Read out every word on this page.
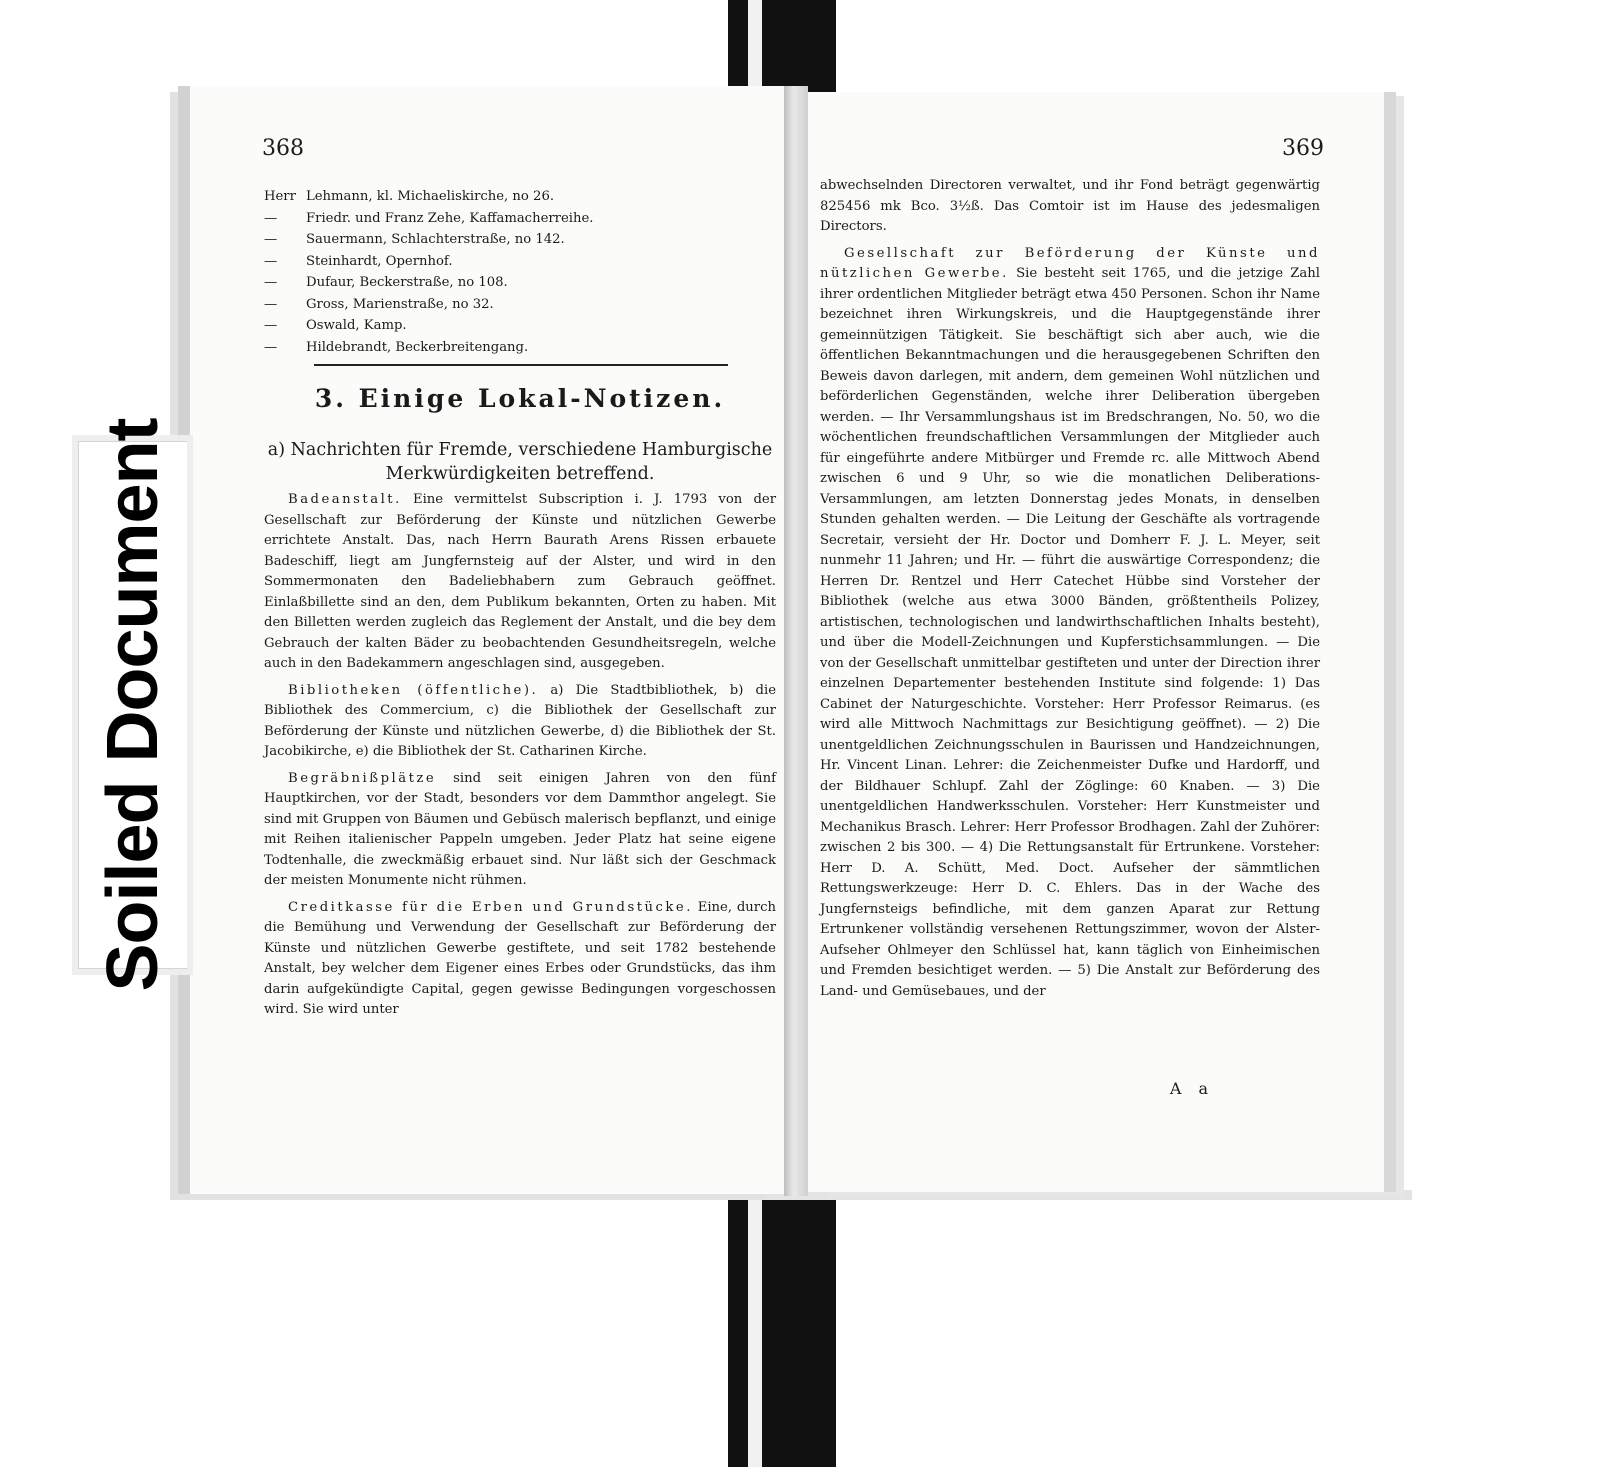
368
Herr Lehmann, kl. Michaeliskirche, no 26.
—	Friedr. und Franz Zehe, Kaffamacherreihe.
—	Sauermann, Schlachterstraße, no 142.
—	Steinhardt, Opernhof.
—	Dufaur, Beckerstraße, no 108.
—	Gross, Marienstraße, no 32.
—	Oswald, Kamp.
—	Hildebrandt, Beckerbreitengang.
3. Einige Lokal-Notizen.
a) Nachrichten für Fremde, verschiedene Hamburgische Merkwürdigkeiten betreffend.

Badeanstalt. Eine vermittelst Subscription i. J. 1793 von der Gesellschaft zur Beförderung der Künste und nützlichen Gewerbe errichtete Anstalt. Das, nach Herrn Baurath Arens Rissen erbauete Badeschiff, liegt am Jungfernsteig auf der Alster, und wird in den Sommermonaten den Badeliebhabern zum Gebrauch geöffnet. Einlaßbillette sind an den, dem Publikum bekannten, Orten zu haben. Mit den Billetten werden zugleich das Reglement der Anstalt, und die bey dem Gebrauch der kalten Bäder zu beobachtenden Gesundheitsregeln, welche auch in den Badekammern angeschlagen sind, ausgegeben.

Bibliotheken (öffentliche). a) Die Stadtbibliothek, b) die Bibliothek des Commercium, c) die Bibliothek der Gesellschaft zur Beförderung der Künste und nützlichen Gewerbe, d) die Bibliothek der St. Jacobikirche, e) die Bibliothek der St. Catharinen Kirche.

Begräbnißplätze sind seit einigen Jahren von den fünf Hauptkirchen, vor der Stadt, besonders vor dem Dammthor angelegt. Sie sind mit Gruppen von Bäumen und Gebüsch malerisch bepflanzt, und einige mit Reihen italienischer Pappeln umgeben. Jeder Platz hat seine eigene Todtenhalle, die zweckmäßig erbauet sind. Nur läßt sich der Geschmack der meisten Monumente nicht rühmen.

Creditkasse für die Erben und Grundstücke. Eine, durch die Bemühung und Verwendung der Gesellschaft zur Beförderung der Künste und nützlichen Gewerbe gestiftete, und seit 1782 bestehende Anstalt, bey welcher dem Eigener eines Erbes oder Grundstücks, das ihm darin aufgekündigte Capital, gegen gewisse Bedingungen vorgeschossen wird. Sie wird unter

369

abwechselnden Directoren verwaltet, und ihr Fond beträgt gegenwärtig 825456 mk Bco. 3½ß. Das Comtoir ist im Hause des jedesmaligen Directors.

Gesellschaft zur Beförderung der Künste und nützlichen Gewerbe. Sie besteht seit 1765, und die jetzige Zahl ihrer ordentlichen Mitglieder beträgt etwa 450 Personen. Schon ihr Name bezeichnet ihren Wirkungskreis, und die Hauptgegenstände ihrer gemeinnützigen Tätigkeit. Sie beschäftigt sich aber auch, wie die öffentlichen Bekanntmachungen und die herausgegebenen Schriften den Beweis davon darlegen, mit andern, dem gemeinen Wohl nützlichen und beförderlichen Gegenständen, welche ihrer Deliberation übergeben werden. — Ihr Versammlungshaus ist im Bredschrangen, No. 50, wo die wöchentlichen freundschaftlichen Versammlungen der Mitglieder auch für eingeführte andere Mitbürger und Fremde rc. alle Mittwoch Abend zwischen 6 und 9 Uhr, so wie die monatlichen Deliberations-Versammlungen, am letzten Donnerstag jedes Monats, in denselben Stunden gehalten werden. — Die Leitung der Geschäfte als vortragende Secretair, versieht der Hr. Doctor und Domherr F. J. L. Meyer, seit nunmehr 11 Jahren; und Hr. — führt die auswärtige Correspondenz; die Herren Dr. Rentzel und Herr Catechet Hübbe sind Vorsteher der Bibliothek (welche aus etwa 3000 Bänden, größtentheils Polizey, artistischen, technologischen und landwirthschaftlichen Inhalts besteht), und über die Modell-Zeichnungen und Kupferstichsammlungen. — Die von der Gesellschaft unmittelbar gestifteten und unter der Direction ihrer einzelnen Departementer bestehenden Institute sind folgende: 1) Das Cabinet der Naturgeschichte. Vorsteher: Herr Professor Reimarus. (es wird alle Mittwoch Nachmittags zur Besichtigung geöffnet). — 2) Die unentgeldlichen Zeichnungsschulen in Baurissen und Handzeichnungen, Hr. Vincent Linan. Lehrer: die Zeichenmeister Dufke und Hardorff, und der Bildhauer Schlupf. Zahl der Zöglinge: 60 Knaben. — 3) Die unentgeldlichen Handwerksschulen. Vorsteher: Herr Kunstmeister und Mechanikus Brasch. Lehrer: Herr Professor Brodhagen. Zahl der Zuhörer: zwischen 2 bis 300. — 4) Die Rettungsanstalt für Ertrunkene. Vorsteher: Herr D. A. Schütt, Med. Doct. Aufseher der sämmtlichen Rettungswerkzeuge: Herr D. C. Ehlers. Das in der Wache des Jungfernsteigs befindliche, mit dem ganzen Aparat zur Rettung Ertrunkener vollständig versehenen Rettungszimmer, wovon der Alster-Aufseher Ohlmeyer den Schlüssel hat, kann täglich von Einheimischen und Fremden besichtiget werden. — 5) Die Anstalt zur Beförderung des Land- und Gemüsebaues, und der

A a
Soiled Document
